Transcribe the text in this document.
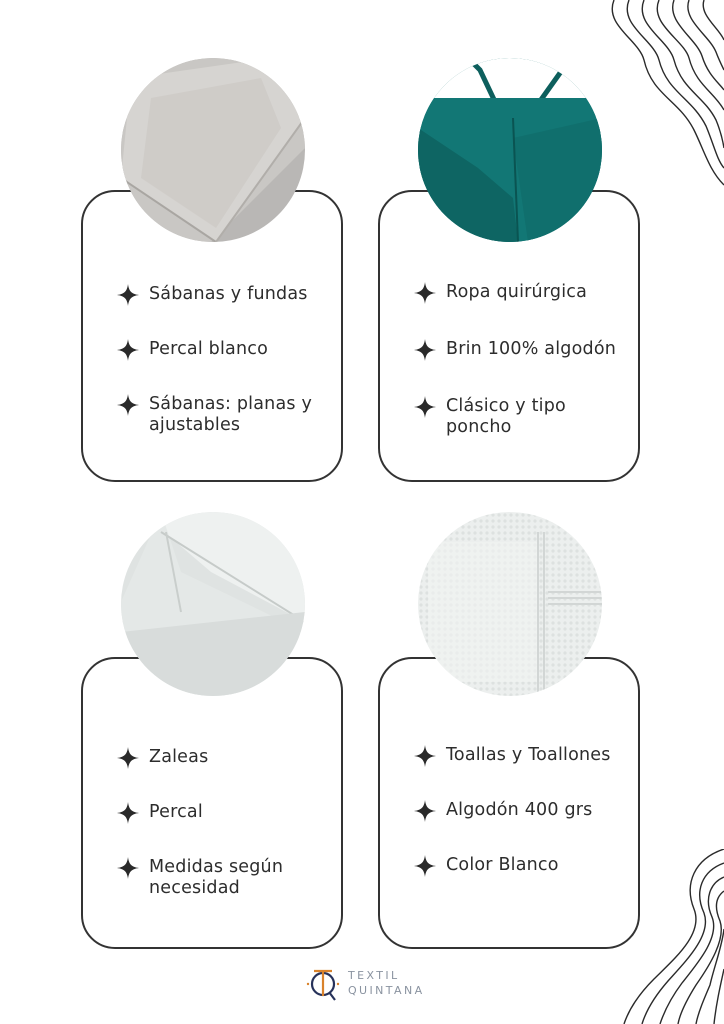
Sábanas y fundas
Percal blanco
Sábanas: planas y ajustables
Ropa quirúrgica
Brin 100% algodón
Clásico y tipo poncho
Zaleas
Percal
Medidas según necesidad
Toallas y Toallones
Algodón 400 grs
Color Blanco
TEXTIL
QUINTANA
